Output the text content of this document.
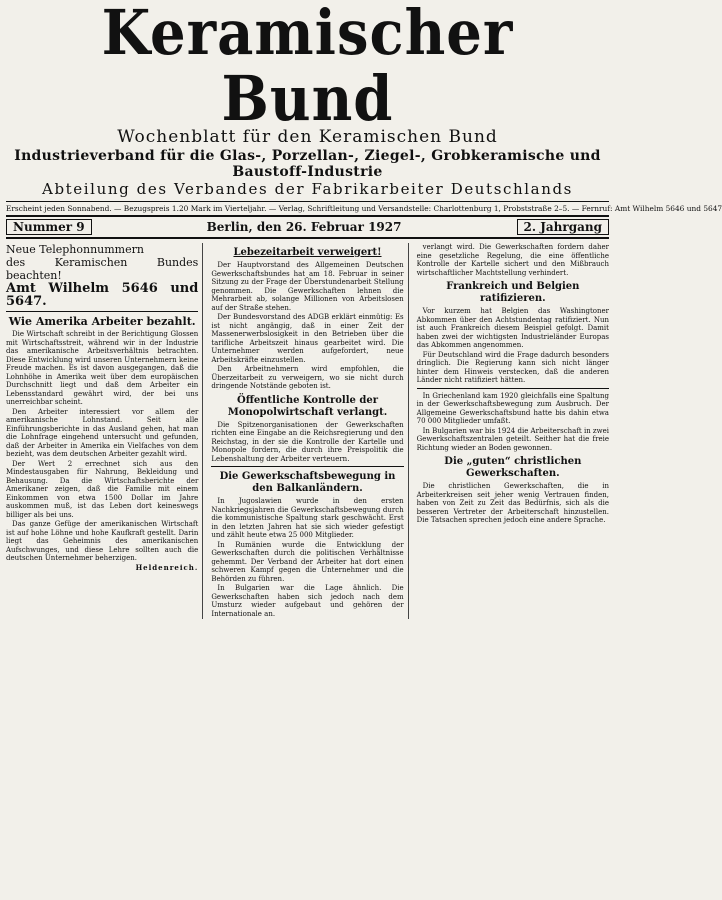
Keramischer Bund
Wochenblatt für den Keramischen Bund
Industrieverband für die Glas-, Porzellan-, Ziegel-, Grobkeramische und Baustoff-Industrie
Abteilung des Verbandes der Fabrikarbeiter Deutschlands
Erscheint jeden Sonnabend. — Bezugspreis 1.20 Mark im Vierteljahr. — Verlag, Schriftleitung und Versandstelle: Charlottenburg 1, Probststraße 2–5. — Fernruf: Amt Wilhelm 5646 und 5647
Nummer 9	Berlin, den 26. Februar 1927	2. Jahrgang
Neue Telephonnummern
des Keramischen Bundes beachten!
Amt Wilhelm 5646 und 5647.
Wie Amerika Arbeiter bezahlt.

Die Wirtschaft schreibt in der Berichtigung Glossen mit Wirtschaftsstreit, während wir in der Industrie das amerikanische Arbeitsverhältnis betrachten. Diese Entwicklung wird unseren Unternehmern keine Freude machen. Es ist davon ausgegangen, daß die Lohnhöhe in Amerika weit über dem europäischen Durchschnitt liegt und daß dem Arbeiter ein Lebensstandard gewährt wird, der bei uns unerreichbar scheint.

Den Arbeiter interessiert vor allem der amerikanische Lohnstand. Seit alle Einführungsberichte in das Ausland gehen, hat man die Lohnfrage eingehend untersucht und gefunden, daß der Arbeiter in Amerika ein Vielfaches von dem bezieht, was dem deutschen Arbeiter gezahlt wird.

Der Wert 2 errechnet sich aus den Mindestausgaben für Nahrung, Bekleidung und Behausung. Da die Wirtschaftsberichte der Amerikaner zeigen, daß die Familie mit einem Einkommen von etwa 1500 Dollar im Jahre auskommen muß, ist das Leben dort keineswegs billiger als bei uns.

Das ganze Gefüge der amerikanischen Wirtschaft ist auf hohe Löhne und hohe Kaufkraft gestellt. Darin liegt das Geheimnis des amerikanischen Aufschwunges, und diese Lehre sollten auch die deutschen Unternehmer beherzigen.

Heldenreich.
Lebezeitarbeit verweigert!

Der Hauptvorstand des Allgemeinen Deutschen Gewerkschaftsbundes hat am 18. Februar in seiner Sitzung zu der Frage der Überstundenarbeit Stellung genommen. Die Gewerkschaften lehnen die Mehrarbeit ab, solange Millionen von Arbeitslosen auf der Straße stehen.

Der Bundesvorstand des ADGB erklärt einmütig: Es ist nicht angängig, daß in einer Zeit der Massenerwerbslosigkeit in den Betrieben über die tarifliche Arbeitszeit hinaus gearbeitet wird. Die Unternehmer werden aufgefordert, neue Arbeitskräfte einzustellen.

Den Arbeitnehmern wird empfohlen, die Überzeitarbeit zu verweigern, wo sie nicht durch dringende Notstände geboten ist.

Öffentliche Kontrolle der Monopolwirtschaft verlangt.

Die Spitzenorganisationen der Gewerkschaften richten eine Eingabe an die Reichsregierung und den Reichstag, in der sie die Kontrolle der Kartelle und Monopole fordern, die durch ihre Preispolitik die Lebenshaltung der Arbeiter verteuern.

Die Gewerkschaftsbewegung in den Balkanländern.

In Jugoslawien wurde in den ersten Nachkriegsjahren die Gewerkschaftsbewegung durch die kommunistische Spaltung stark geschwächt. Erst in den letzten Jahren hat sie sich wieder gefestigt und zählt heute etwa 25 000 Mitglieder.

In Rumänien wurde die Entwicklung der Gewerkschaften durch die politischen Verhältnisse gehemmt. Der Verband der Arbeiter hat dort einen schweren Kampf gegen die Unternehmer und die Behörden zu führen.

In Bulgarien war die Lage ähnlich. Die Gewerkschaften haben sich jedoch nach dem Umsturz wieder aufgebaut und gehören der Internationale an.

verlangt wird. Die Gewerkschaften fordern daher eine gesetzliche Regelung, die eine öffentliche Kontrolle der Kartelle sichert und den Mißbrauch wirtschaftlicher Machtstellung verhindert.

Frankreich und Belgien ratifizieren.

Vor kurzem hat Belgien das Washingtoner Abkommen über den Achtstundentag ratifiziert. Nun ist auch Frankreich diesem Beispiel gefolgt. Damit haben zwei der wichtigsten Industrieländer Europas das Abkommen angenommen.

Für Deutschland wird die Frage dadurch besonders dringlich. Die Regierung kann sich nicht länger hinter dem Hinweis verstecken, daß die anderen Länder nicht ratifiziert hätten.

In Griechenland kam 1920 gleichfalls eine Spaltung in der Gewerkschaftsbewegung zum Ausbruch. Der Allgemeine Gewerkschaftsbund hatte bis dahin etwa 70 000 Mitglieder umfaßt.

In Bulgarien war bis 1924 die Arbeiterschaft in zwei Gewerkschaftszentralen geteilt. Seither hat die freie Richtung wieder an Boden gewonnen.

Die „guten“ christlichen Gewerkschaften.

Die christlichen Gewerkschaften, die in Arbeiterkreisen seit jeher wenig Vertrauen finden, haben von Zeit zu Zeit das Bedürfnis, sich als die besseren Vertreter der Arbeiterschaft hinzustellen. Die Tatsachen sprechen jedoch eine andere Sprache.
